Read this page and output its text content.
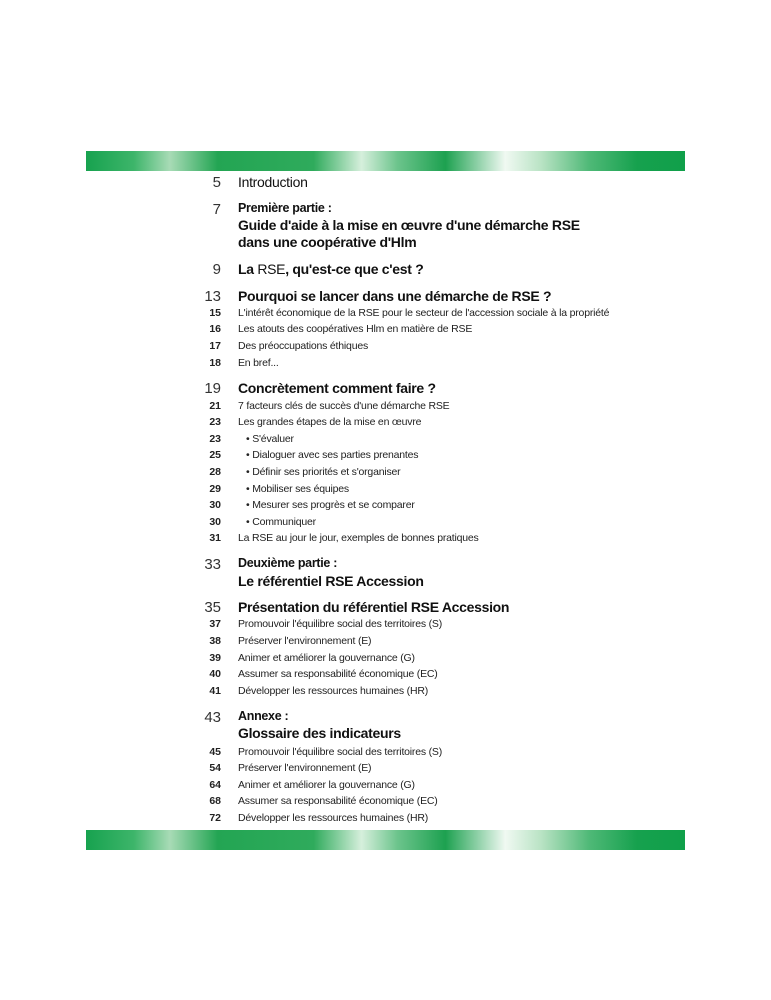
5 Introduction
7 Première partie :
Guide d'aide à la mise en œuvre d'une démarche RSE
dans une coopérative d'Hlm
9 La RSE, qu'est-ce que c'est ?
13 Pourquoi se lancer dans une démarche de RSE ?
15 L'intérêt économique de la RSE pour le secteur de l'accession sociale à la propriété
16 Les atouts des coopératives Hlm en matière de RSE
17 Des préoccupations éthiques
18 En bref...
19 Concrètement comment faire ?
21 7 facteurs clés de succès d'une démarche RSE
23 Les grandes étapes de la mise en œuvre
23 • S'évaluer
25 • Dialoguer avec ses parties prenantes
28 • Définir ses priorités et s'organiser
29 • Mobiliser ses équipes
30 • Mesurer ses progrès et se comparer
30 • Communiquer
31 La RSE au jour le jour, exemples de bonnes pratiques
33 Deuxième partie :
Le référentiel RSE Accession
35 Présentation du référentiel RSE Accession
37 Promouvoir l'équilibre social des territoires (S)
38 Préserver l'environnement (E)
39 Animer et améliorer la gouvernance (G)
40 Assumer sa responsabilité économique (EC)
41 Développer les ressources humaines (HR)
43 Annexe :
Glossaire des indicateurs
45 Promouvoir l'équilibre social des territoires (S)
54 Préserver l'environnement (E)
64 Animer et améliorer la gouvernance (G)
68 Assumer sa responsabilité économique (EC)
72 Développer les ressources humaines (HR)
